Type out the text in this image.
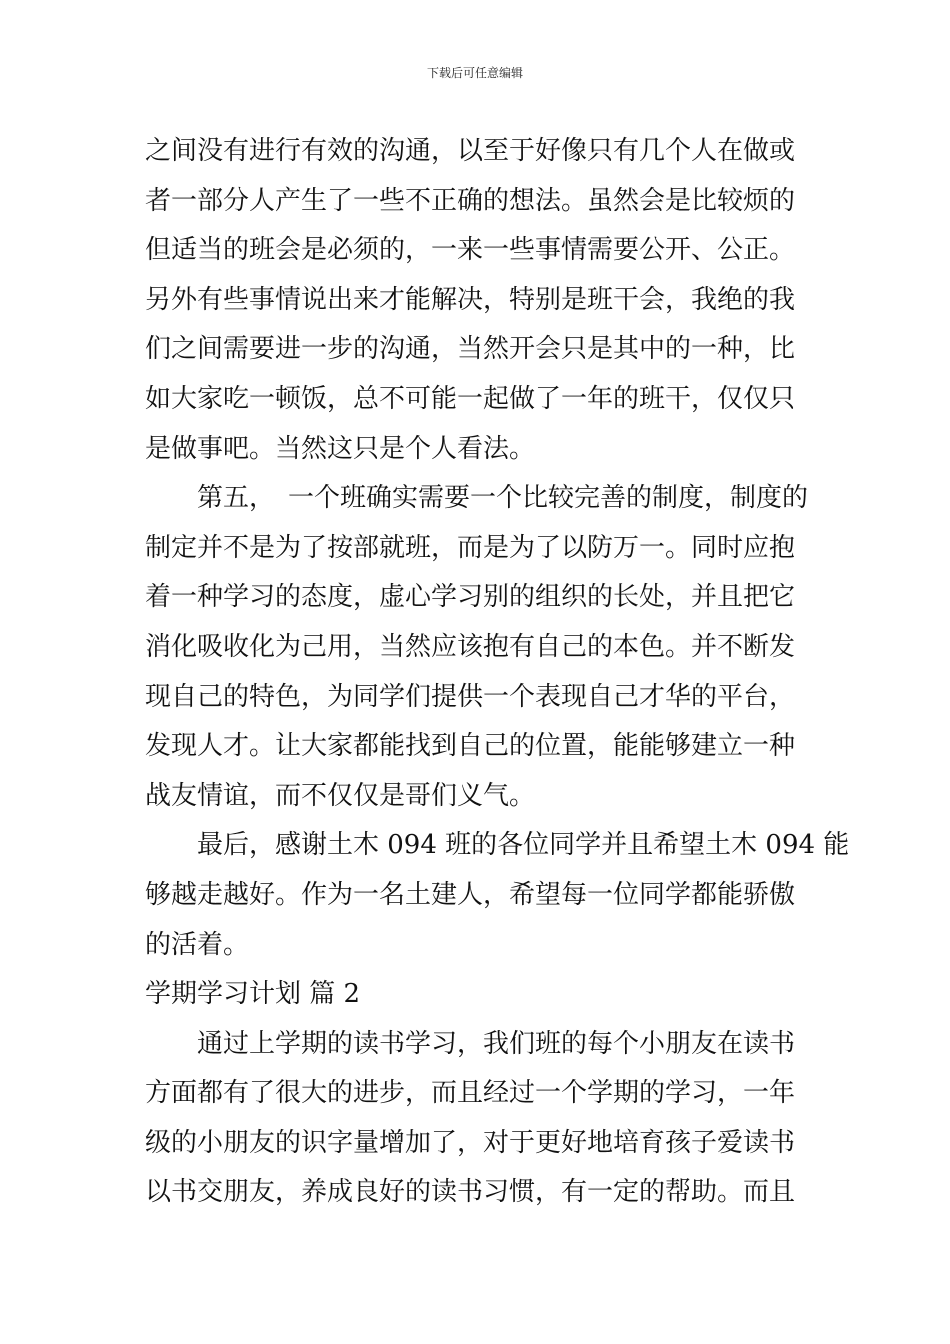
下载后可任意编辑
之间没有进行有效的沟通，以至于好像只有几个人在做或
者一部分人产生了一些不正确的想法。虽然会是比较烦的
但适当的班会是必须的，一来一些事情需要公开、公正。
另外有些事情说出来才能解决，特别是班干会，我绝的我
们之间需要进一步的沟通，当然开会只是其中的一种，比
如大家吃一顿饭，总不可能一起做了一年的班干，仅仅只
是做事吧。当然这只是个人看法。
第五，　一个班确实需要一个比较完善的制度，制度的
制定并不是为了按部就班，而是为了以防万一。同时应抱
着一种学习的态度，虚心学习别的组织的长处，并且把它
消化吸收化为己用，当然应该抱有自己的本色。并不断发
现自己的特色，为同学们提供一个表现自己才华的平台，
发现人才。让大家都能找到自己的位置，能能够建立一种
战友情谊，而不仅仅是哥们义气。
最后，感谢土木 094 班的各位同学并且希望土木 094 能
够越走越好。作为一名土建人，希望每一位同学都能骄傲
的活着。
学期学习计划 篇 2
通过上学期的读书学习，我们班的每个小朋友在读书
方面都有了很大的进步，而且经过一个学期的学习，一年
级的小朋友的识字量增加了，对于更好地培育孩子爱读书
以书交朋友，养成良好的读书习惯，有一定的帮助。而且
